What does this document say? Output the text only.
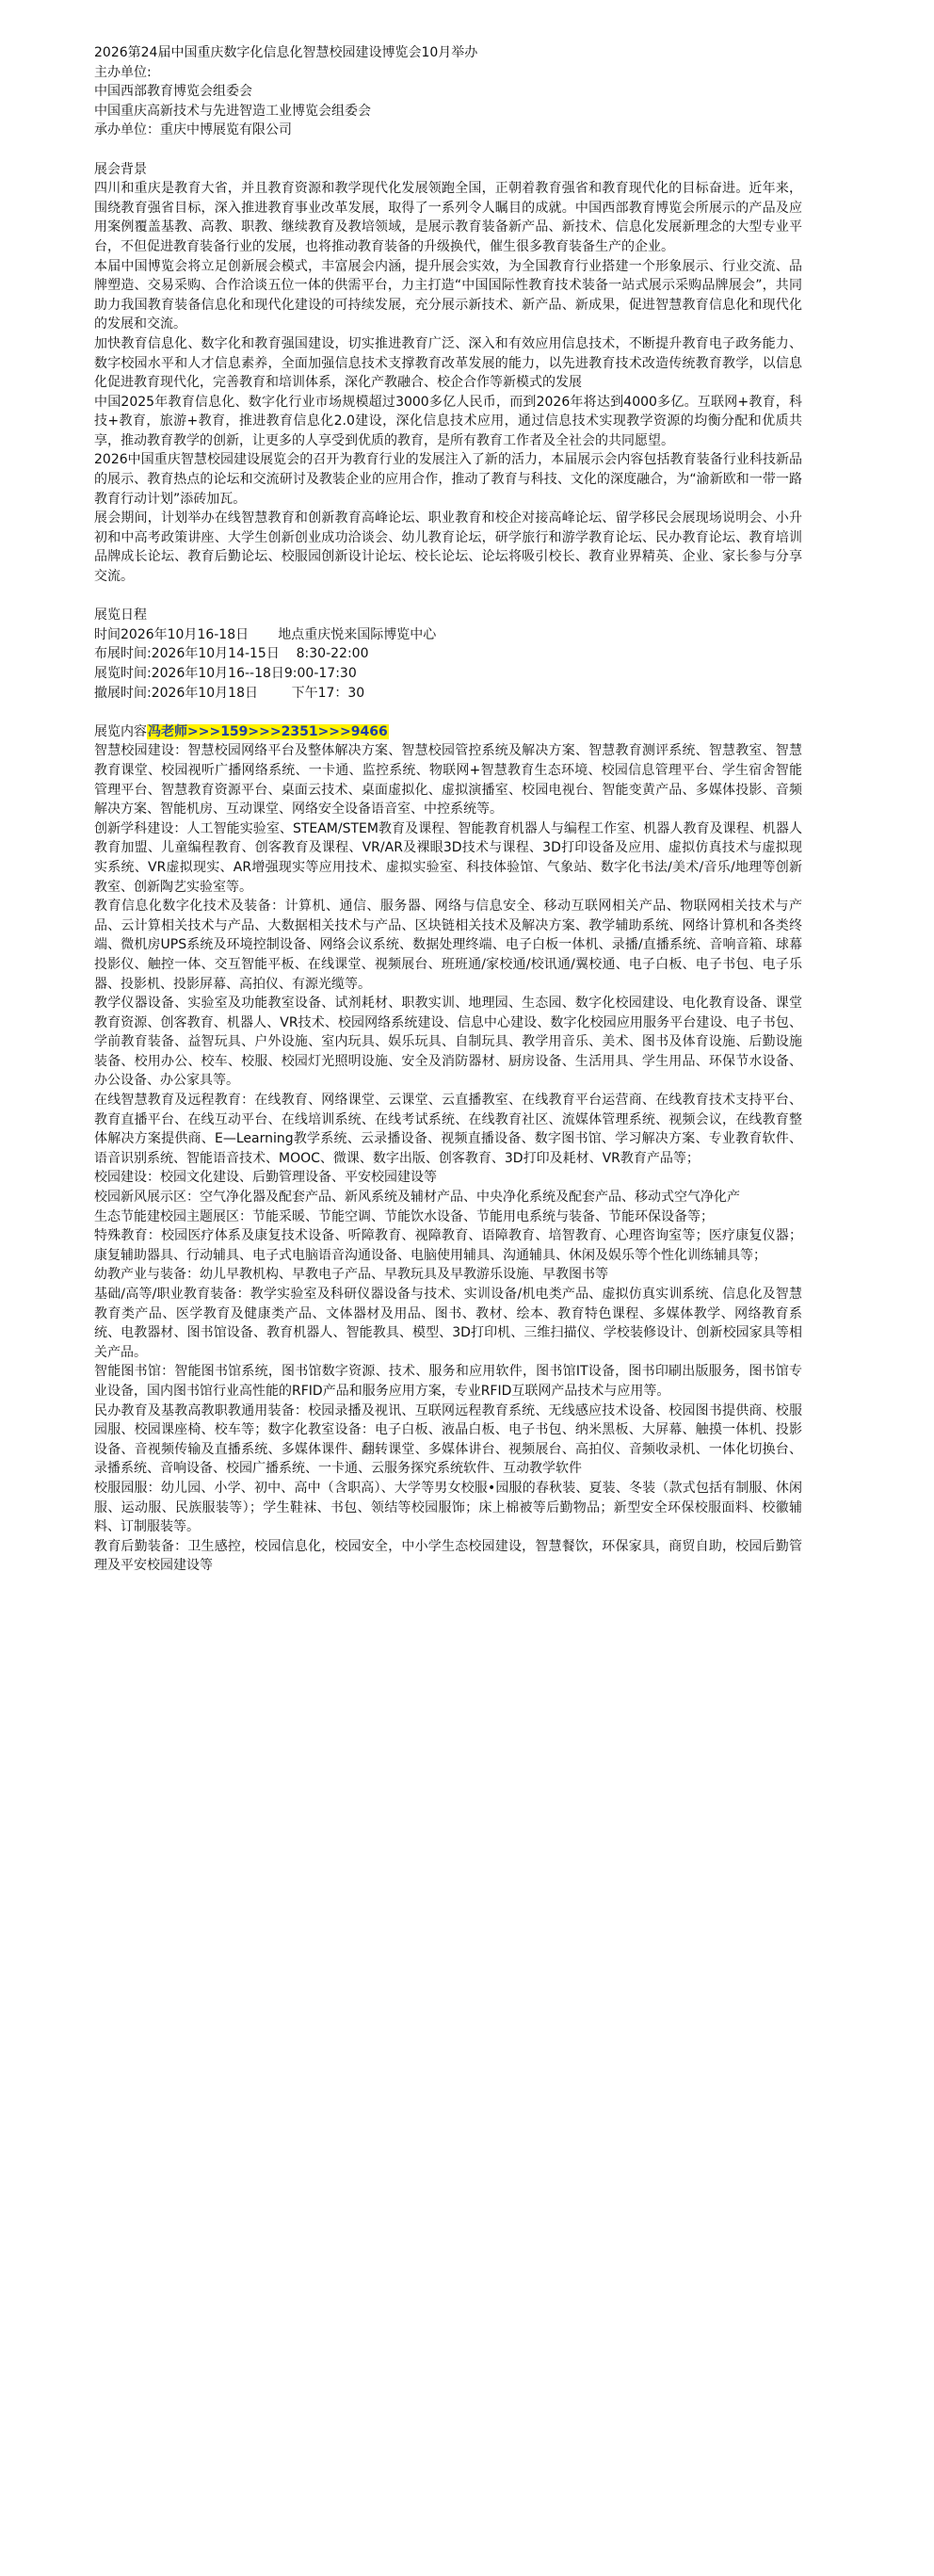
2026第24届中国重庆数字化信息化智慧校园建设博览会10月举办

主办单位:

中国西部教育博览会组委会

中国重庆高新技术与先进智造工业博览会组委会

承办单位：重庆中博展览有限公司

展会背景

四川和重庆是教育大省，并且教育资源和教学现代化发展领跑全国，正朝着教育强省和教育现代化的目标奋进。近年来，围绕教育强省目标，深入推进教育事业改革发展，取得了一系列令人瞩目的成就。中国西部教育博览会所展示的产品及应用案例覆盖基教、高教、职教、继续教育及教培领域，是展示教育装备新产品、新技术、信息化发展新理念的大型专业平台，不但促进教育装备行业的发展，也将推动教育装备的升级换代，催生很多教育装备生产的企业。

本届中国博览会将立足创新展会模式，丰富展会内涵，提升展会实效，为全国教育行业搭建一个形象展示、行业交流、品牌塑造、交易采购、合作洽谈五位一体的供需平台，力主打造“中国国际性教育技术装备一站式展示采购品牌展会”，共同助力我国教育装备信息化和现代化建设的可持续发展，充分展示新技术、新产品、新成果，促进智慧教育信息化和现代化的发展和交流。

加快教育信息化、数字化和教育强国建设，切实推进教育广泛、深入和有效应用信息技术，不断提升教育电子政务能力、数字校园水平和人才信息素养，全面加强信息技术支撑教育改革发展的能力，以先进教育技术改造传统教育教学，以信息化促进教育现代化，完善教育和培训体系，深化产教融合、校企合作等新模式的发展

中国2025年教育信息化、数字化行业市场规模超过3000多亿人民币，而到2026年将达到4000多亿。互联网+教育，科技+教育，旅游+教育，推进教育信息化2.0建设，深化信息技术应用，通过信息技术实现教学资源的均衡分配和优质共享，推动教育教学的创新，让更多的人享受到优质的教育，是所有教育工作者及全社会的共同愿望。

2026中国重庆智慧校园建设展览会的召开为教育行业的发展注入了新的活力，本届展示会内容包括教育装备行业科技新品的展示、教育热点的论坛和交流研讨及教装企业的应用合作，推动了教育与科技、文化的深度融合，为“渝新欧和一带一路教育行动计划”添砖加瓦。

展会期间，计划举办在线智慧教育和创新教育高峰论坛、职业教育和校企对接高峰论坛、留学移民会展现场说明会、小升初和中高考政策讲座、大学生创新创业成功洽谈会、幼儿教育论坛，研学旅行和游学教育论坛、民办教育论坛、教育培训品牌成长论坛、教育后勤论坛、校服园创新设计论坛、校长论坛、论坛将吸引校长、教育业界精英、企业、家长参与分享交流。

展览日程

时间2026年10月16-18日       地点重庆悦来国际博览中心

布展时间:2026年10月14-15日    8:30-22:00

展览时间:2026年10月16--18日9:00-17:30

撤展时间:2026年10月18日        下午17：30

展览内容冯老师>>>159>>>2351>>>9466

智慧校园建设：智慧校园网络平台及整体解决方案、智慧校园管控系统及解决方案、智慧教育测评系统、智慧教室、智慧教育课堂、校园视听广播网络系统、一卡通、监控系统、物联网+智慧教育生态环境、校园信息管理平台、学生宿舍智能管理平台、智慧教育资源平台、桌面云技术、桌面虚拟化、虚拟演播室、校园电视台、智能变黄产品、多媒体投影、音频解决方案、智能机房、互动课堂、网络安全设备语音室、中控系统等。

创新学科建设：人工智能实验室、STEAM/STEM教育及课程、智能教育机器人与编程工作室、机器人教育及课程、机器人教育加盟、儿童编程教育、创客教育及课程、VR/AR及裸眼3D技术与课程、3D打印设备及应用、虚拟仿真技术与虚拟现实系统、VR虚拟现实、AR增强现实等应用技术、虚拟实验室、科技体验馆、气象站、数字化书法/美术/音乐/地理等创新教室、创新陶艺实验室等。

教育信息化数字化技术及装备：计算机、通信、服务器、网络与信息安全、移动互联网相关产品、物联网相关技术与产品、云计算相关技术与产品、大数据相关技术与产品、区块链相关技术及解决方案、教学辅助系统、网络计算机和各类终端、微机房UPS系统及环境控制设备、网络会议系统、数据处理终端、电子白板一体机、录播/直播系统、音响音箱、球幕投影仪、触控一体、交互智能平板、在线课堂、视频展台、班班通/家校通/校讯通/翼校通、电子白板、电子书包、电子乐器、投影机、投影屏幕、高拍仪、有源光缆等。

教学仪器设备、实验室及功能教室设备、试剂耗材、职教实训、地理园、生态园、数字化校园建设、电化教育设备、课堂教育资源、创客教育、机器人、VR技术、校园网络系统建设、信息中心建设、数字化校园应用服务平台建设、电子书包、学前教育装备、益智玩具、户外设施、室内玩具、娱乐玩具、自制玩具、教学用音乐、美术、图书及体育设施、后勤设施装备、校用办公、校车、校服、校园灯光照明设施、安全及消防器材、厨房设备、生活用具、学生用品、环保节水设备、办公设备、办公家具等。

在线智慧教育及远程教育：在线教育、网络课堂、云课堂、云直播教室、在线教育平台运营商、在线教育技术支持平台、教育直播平台、在线互动平台、在线培训系统、在线考试系统、在线教育社区、流媒体管理系统、视频会议，在线教育整体解决方案提供商、E—Learning教学系统、云录播设备、视频直播设备、数字图书馆、学习解决方案、专业教育软件、语音识别系统、智能语音技术、MOOC、微课、数字出版、创客教育、3D打印及耗材、VR教育产品等；

校园建设：校园文化建设、后勤管理设备、平安校园建设等

校园新风展示区：空气净化器及配套产品、新风系统及辅材产品、中央净化系统及配套产品、移动式空气净化产

生态节能建校园主题展区：节能采暖、节能空调、节能饮水设备、节能用电系统与装备、节能环保设备等；

特殊教育：校园医疗体系及康复技术设备、听障教育、视障教育、语障教育、培智教育、心理咨询室等；医疗康复仪器；康复辅助器具、行动辅具、电子式电脑语音沟通设备、电脑使用辅具、沟通辅具、休闲及娱乐等个性化训练辅具等；

幼教产业与装备：幼儿早教机构、早教电子产品、早教玩具及早教游乐设施、早教图书等

基础/高等/职业教育装备：教学实验室及科研仪器设备与技术、实训设备/机电类产品、虚拟仿真实训系统、信息化及智慧教育类产品、医学教育及健康类产品、文体器材及用品、图书、教材、绘本、教育特色课程、多媒体教学、网络教育系统、电教器材、图书馆设备、教育机器人、智能教具、模型、3D打印机、三维扫描仪、学校装修设计、创新校园家具等相关产品。

智能图书馆：智能图书馆系统，图书馆数字资源、技术、服务和应用软件，图书馆IT设备，图书印刷出版服务，图书馆专业设备，国内图书馆行业高性能的RFID产品和服务应用方案，专业RFID互联网产品技术与应用等。

民办教育及基教高教职教通用装备：校园录播及视讯、互联网远程教育系统、无线感应技术设备、校园图书提供商、校服园服、校园课座椅、校车等；数字化教室设备：电子白板、液晶白板、电子书包、纳米黑板、大屏幕、触摸一体机、投影设备、音视频传输及直播系统、多媒体课件、翻转课堂、多媒体讲台、视频展台、高拍仪、音频收录机、一体化切换台、录播系统、音响设备、校园广播系统、一卡通、云服务探究系统软件、互动教学软件

校服园服：幼儿园、小学、初中、高中（含职高）、大学等男女校服•园服的春秋装、夏装、冬装（款式包括有制服、休闲服、运动服、民族服装等）；学生鞋袜、书包、领结等校园服饰；床上棉被等后勤物品；新型安全环保校服面料、校徽辅料、订制服装等。

教育后勤装备：卫生感控，校园信息化，校园安全，中小学生态校园建设，智慧餐饮，环保家具，商贸自助，校园后勤管理及平安校园建设等
